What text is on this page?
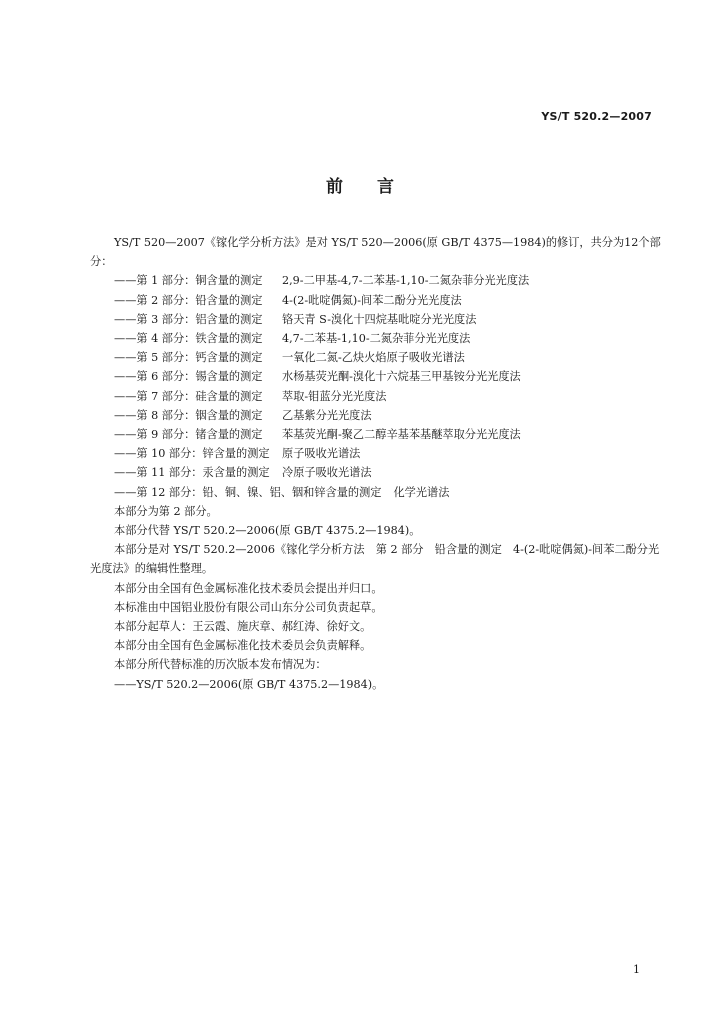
YS/T 520.2—2007
前言

YS/T 520—2007《镓化学分析方法》是对 YS/T 520—2006(原 GB/T 4375—1984)的修订，共分为12个部分：

——第 1 部分：铜含量的测定	2,9-二甲基-4,7-二苯基-1,10-二氮杂菲分光光度法
——第 2 部分：铅含量的测定	4-(2-吡啶偶氮)-间苯二酚分光光度法
——第 3 部分：铝含量的测定	铬天青 S-溴化十四烷基吡啶分光光度法
——第 4 部分：铁含量的测定	4,7-二苯基-1,10-二氮杂菲分光光度法
——第 5 部分：钙含量的测定	一氧化二氮-乙炔火焰原子吸收光谱法
——第 6 部分：锡含量的测定	水杨基荧光酮-溴化十六烷基三甲基铵分光光度法
——第 7 部分：硅含量的测定	萃取-钼蓝分光光度法
——第 8 部分：铟含量的测定	乙基紫分光光度法
——第 9 部分：锗含量的测定	苯基荧光酮-聚乙二醇辛基苯基醚萃取分光光度法
——第 10 部分：锌含量的测定	原子吸收光谱法
——第 11 部分：汞含量的测定	冷原子吸收光谱法
——第 12 部分：铅、铜、镍、铝、铟和锌含量的测定 化学光谱法

本部分为第 2 部分。

本部分代替 YS/T 520.2—2006(原 GB/T 4375.2—1984)。

本部分是对 YS/T 520.2—2006《镓化学分析方法　第 2 部分　铅含量的测定　4-(2-吡啶偶氮)-间苯二酚分光光度法》的编辑性整理。

本部分由全国有色金属标准化技术委员会提出并归口。

本标准由中国铝业股份有限公司山东分公司负责起草。

本部分起草人：王云霞、施庆章、郝红涛、徐好文。

本部分由全国有色金属标准化技术委员会负责解释。

本部分所代替标准的历次版本发布情况为：

——YS/T 520.2—2006(原 GB/T 4375.2—1984)。

1
